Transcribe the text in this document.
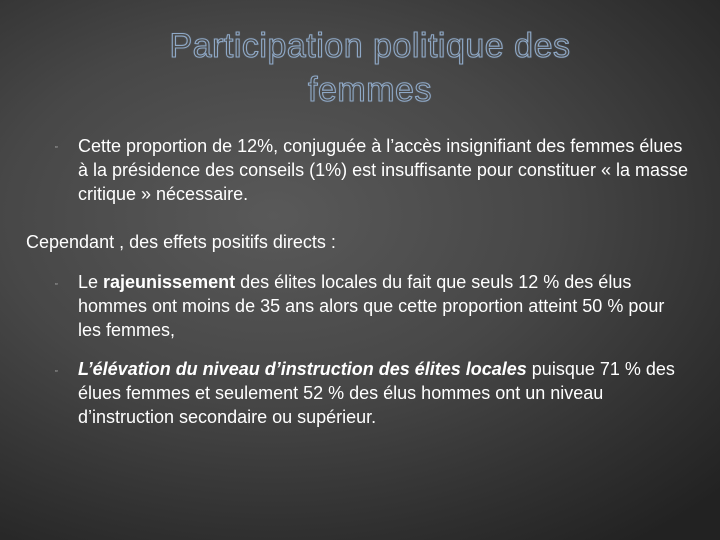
Participation politique des femmes
▫ Cette proportion de 12%, conjuguée à l’accès insignifiant des femmes élues à la présidence des conseils (1%) est insuffisante pour constituer « la masse critique » nécessaire.
Cependant , des effets positifs directs :
▫ Le rajeunissement des élites locales du fait que seuls 12 % des élus hommes ont moins de 35 ans alors que cette proportion atteint 50 % pour les femmes,
▫ L’élévation du niveau d’instruction des élites locales puisque 71 % des élues femmes et seulement 52 % des élus hommes ont un niveau d’instruction secondaire ou supérieur.
